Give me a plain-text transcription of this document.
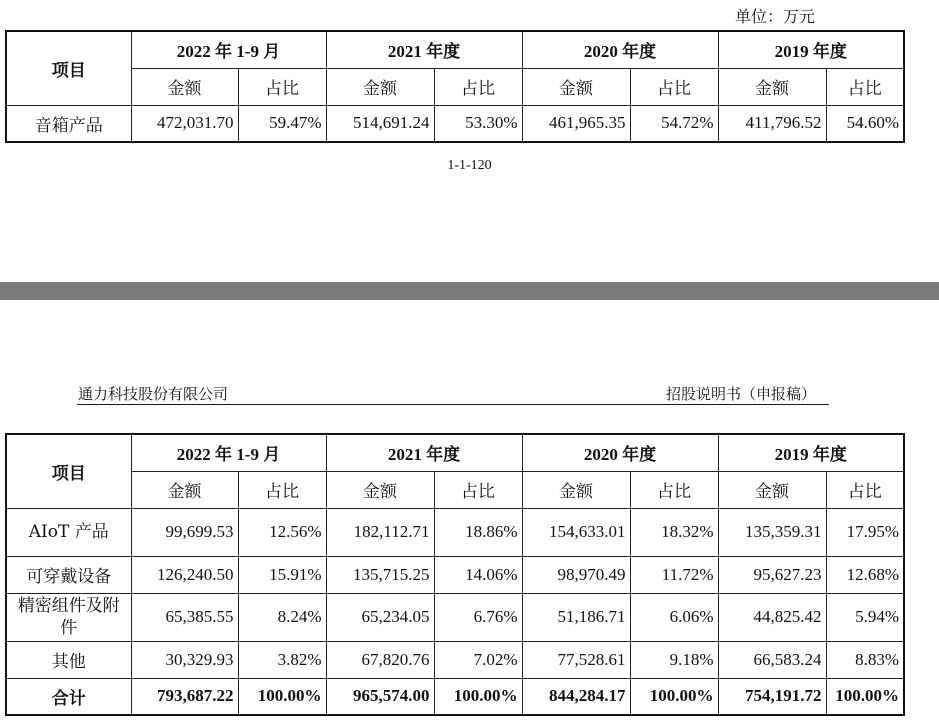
单位：万元
项目	2022 年 1-9 月		2021 年度		2020 年度		2019 年度	
	金额	占比	金额	占比	金额	占比	金额	占比
音箱产品	472,031.70	59.47%	514,691.24	53.30%	461,965.35	54.72%	411,796.52	54.60%
1-1-120
通力科技股份有限公司	招股说明书（申报稿）
项目	2022 年 1-9 月		2021 年度		2020 年度		2019 年度	
	金额	占比	金额	占比	金额	占比	金额	占比
AIoT 产品	99,699.53	12.56%	182,112.71	18.86%	154,633.01	18.32%	135,359.31	17.95%
可穿戴设备	126,240.50	15.91%	135,715.25	14.06%	98,970.49	11.72%	95,627.23	12.68%
精密组件及附件	65,385.55	8.24%	65,234.05	6.76%	51,186.71	6.06%	44,825.42	5.94%
其他	30,329.93	3.82%	67,820.76	7.02%	77,528.61	9.18%	66,583.24	8.83%
合计	793,687.22	100.00%	965,574.00	100.00%	844,284.17	100.00%	754,191.72	100.00%
